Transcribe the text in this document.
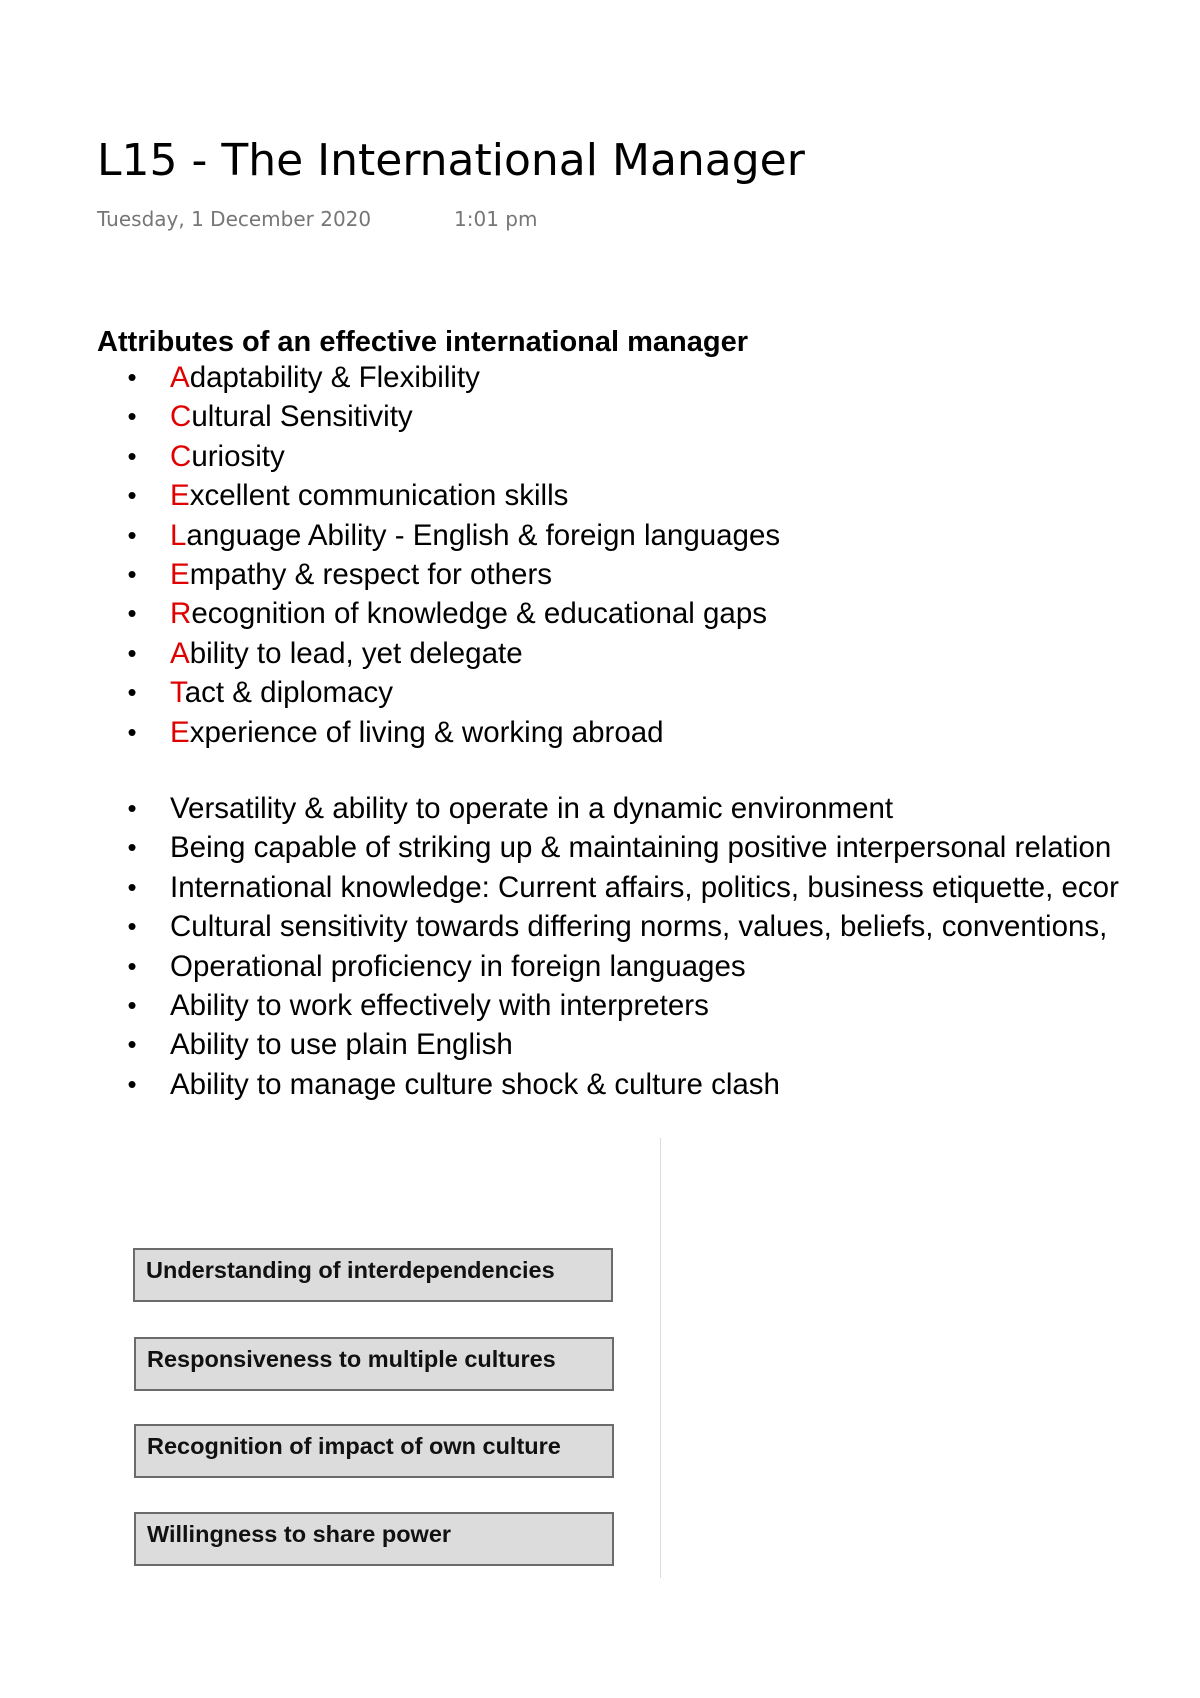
L15 - The International Manager
Tuesday, 1 December 2020	1:01 pm
Attributes of an effective international manager
• Adaptability & Flexibility
• Cultural Sensitivity
• Curiosity
• Excellent communication skills
• Language Ability - English & foreign languages
• Empathy & respect for others
• Recognition of knowledge & educational gaps
• Ability to lead, yet delegate
• Tact & diplomacy
• Experience of living & working abroad
• Versatility & ability to operate in a dynamic environment
• Being capable of striking up & maintaining positive interpersonal relation
• International knowledge: Current affairs, politics, business etiquette, ecor
• Cultural sensitivity towards differing norms, values, beliefs, conventions,
• Operational proficiency in foreign languages
• Ability to work effectively with interpreters
• Ability to use plain English
• Ability to manage culture shock & culture clash
Understanding of interdependencies
Responsiveness to multiple cultures
Recognition of impact of own culture
Willingness to share power
